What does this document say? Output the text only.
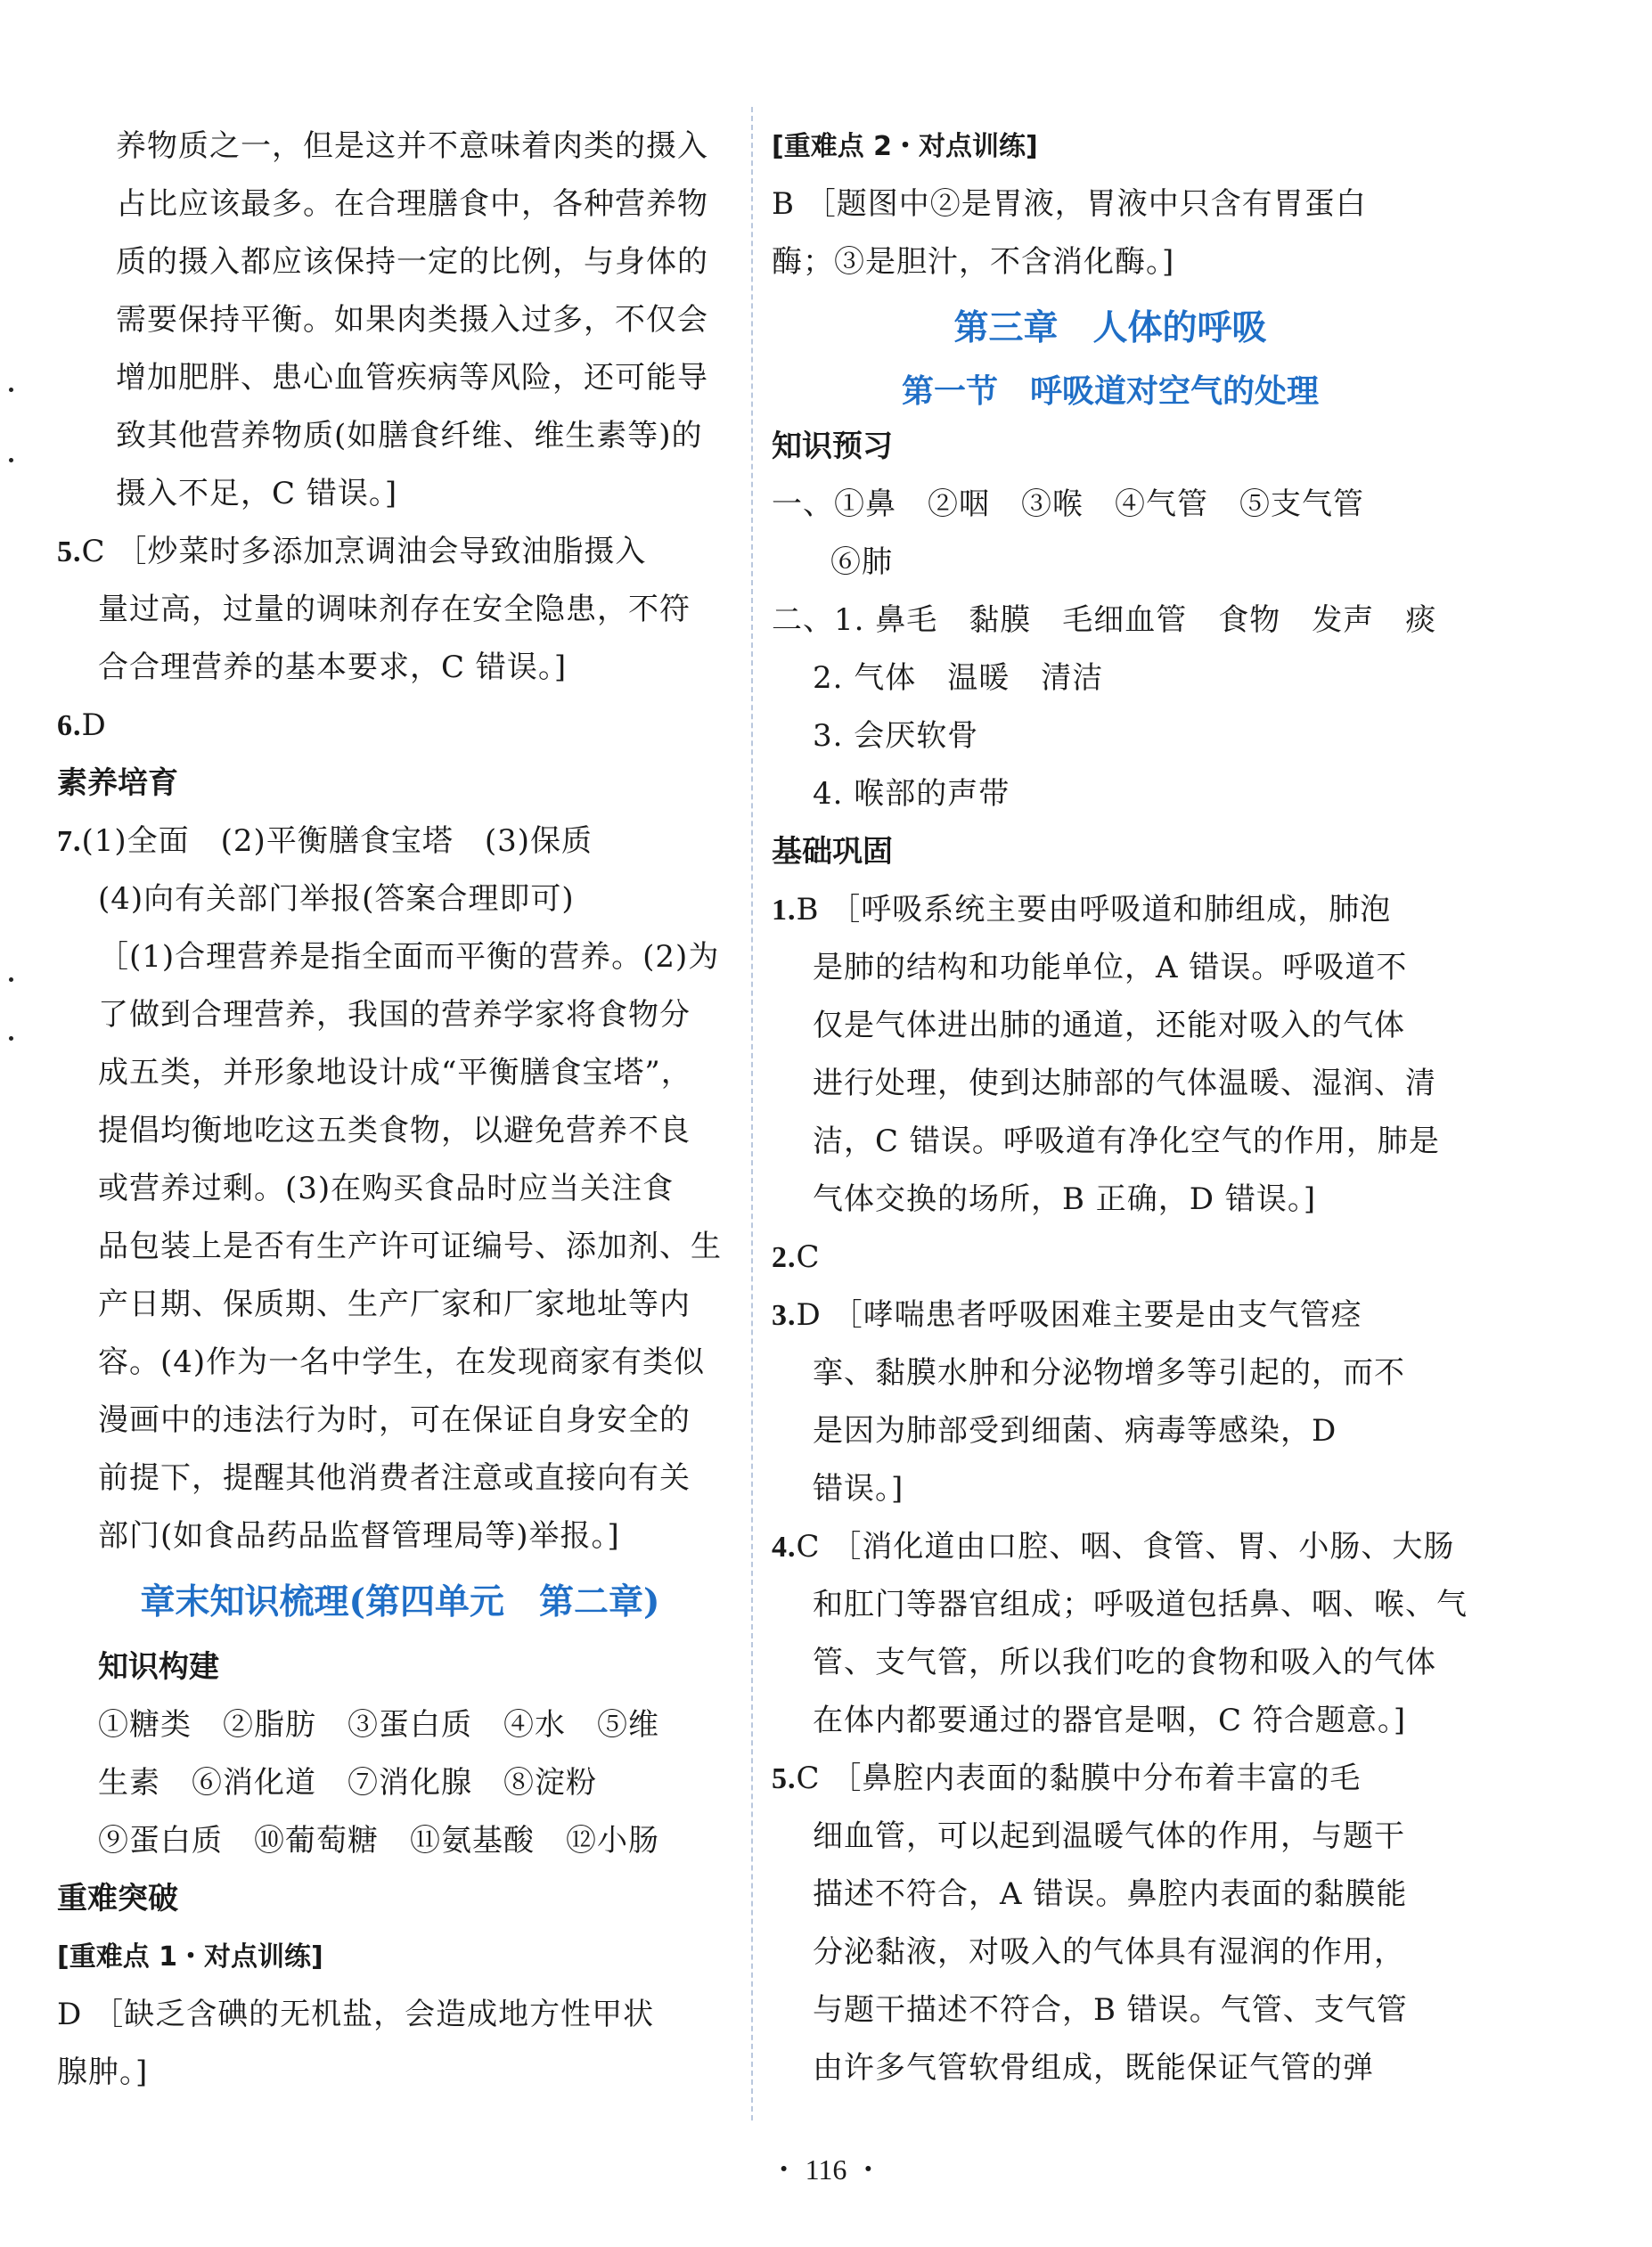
养物质之一，但是这并不意味着肉类的摄入
占比应该最多。在合理膳食中，各种营养物
质的摄入都应该保持一定的比例，与身体的
需要保持平衡。如果肉类摄入过多，不仅会
增加肥胖、患心血管疾病等风险，还可能导
致其他营养物质(如膳食纤维、维生素等)的
摄入不足，C 错误。]
5.C ［炒菜时多添加烹调油会导致油脂摄入
量过高，过量的调味剂存在安全隐患，不符
合合理营养的基本要求，C 错误。]
6.D
素养培育
7.(1)全面　(2)平衡膳食宝塔　(3)保质
(4)向有关部门举报(答案合理即可)
［(1)合理营养是指全面而平衡的营养。(2)为
了做到合理营养，我国的营养学家将食物分
成五类，并形象地设计成“平衡膳食宝塔”，
提倡均衡地吃这五类食物，以避免营养不良
或营养过剩。(3)在购买食品时应当关注食
品包装上是否有生产许可证编号、添加剂、生
产日期、保质期、生产厂家和厂家地址等内
容。(4)作为一名中学生，在发现商家有类似
漫画中的违法行为时，可在保证自身安全的
前提下，提醒其他消费者注意或直接向有关
部门(如食品药品监督管理局等)举报。]
章末知识梳理(第四单元　第二章)
知识构建
①糖类　②脂肪　③蛋白质　④水　⑤维
生素　⑥消化道　⑦消化腺　⑧淀粉
⑨蛋白质　⑩葡萄糖　⑪氨基酸　⑫小肠
重难突破
[重难点 1・对点训练]
D ［缺乏含碘的无机盐，会造成地方性甲状
腺肿。]
[重难点 2・对点训练]
B ［题图中②是胃液，胃液中只含有胃蛋白
酶；③是胆汁，不含消化酶。]
第三章　人体的呼吸
第一节　呼吸道对空气的处理
知识预习
一、①鼻　②咽　③喉　④气管　⑤支气管
⑥肺
二、1. 鼻毛　黏膜　毛细血管　食物　发声　痰
2. 气体　温暖　清洁
3. 会厌软骨
4. 喉部的声带
基础巩固
1.B ［呼吸系统主要由呼吸道和肺组成，肺泡
是肺的结构和功能单位，A 错误。呼吸道不
仅是气体进出肺的通道，还能对吸入的气体
进行处理，使到达肺部的气体温暖、湿润、清
洁，C 错误。呼吸道有净化空气的作用，肺是
气体交换的场所，B 正确，D 错误。]
2.C
3.D ［哮喘患者呼吸困难主要是由支气管痉
挛、黏膜水肿和分泌物增多等引起的，而不
是因为肺部受到细菌、病毒等感染，D
错误。]
4.C ［消化道由口腔、咽、食管、胃、小肠、大肠
和肛门等器官组成；呼吸道包括鼻、咽、喉、气
管、支气管，所以我们吃的食物和吸入的气体
在体内都要通过的器官是咽，C 符合题意。]
5.C ［鼻腔内表面的黏膜中分布着丰富的毛
细血管，可以起到温暖气体的作用，与题干
描述不符合，A 错误。鼻腔内表面的黏膜能
分泌黏液，对吸入的气体具有湿润的作用，
与题干描述不符合，B 错误。气管、支气管
由许多气管软骨组成，既能保证气管的弹
・ 116 ・
